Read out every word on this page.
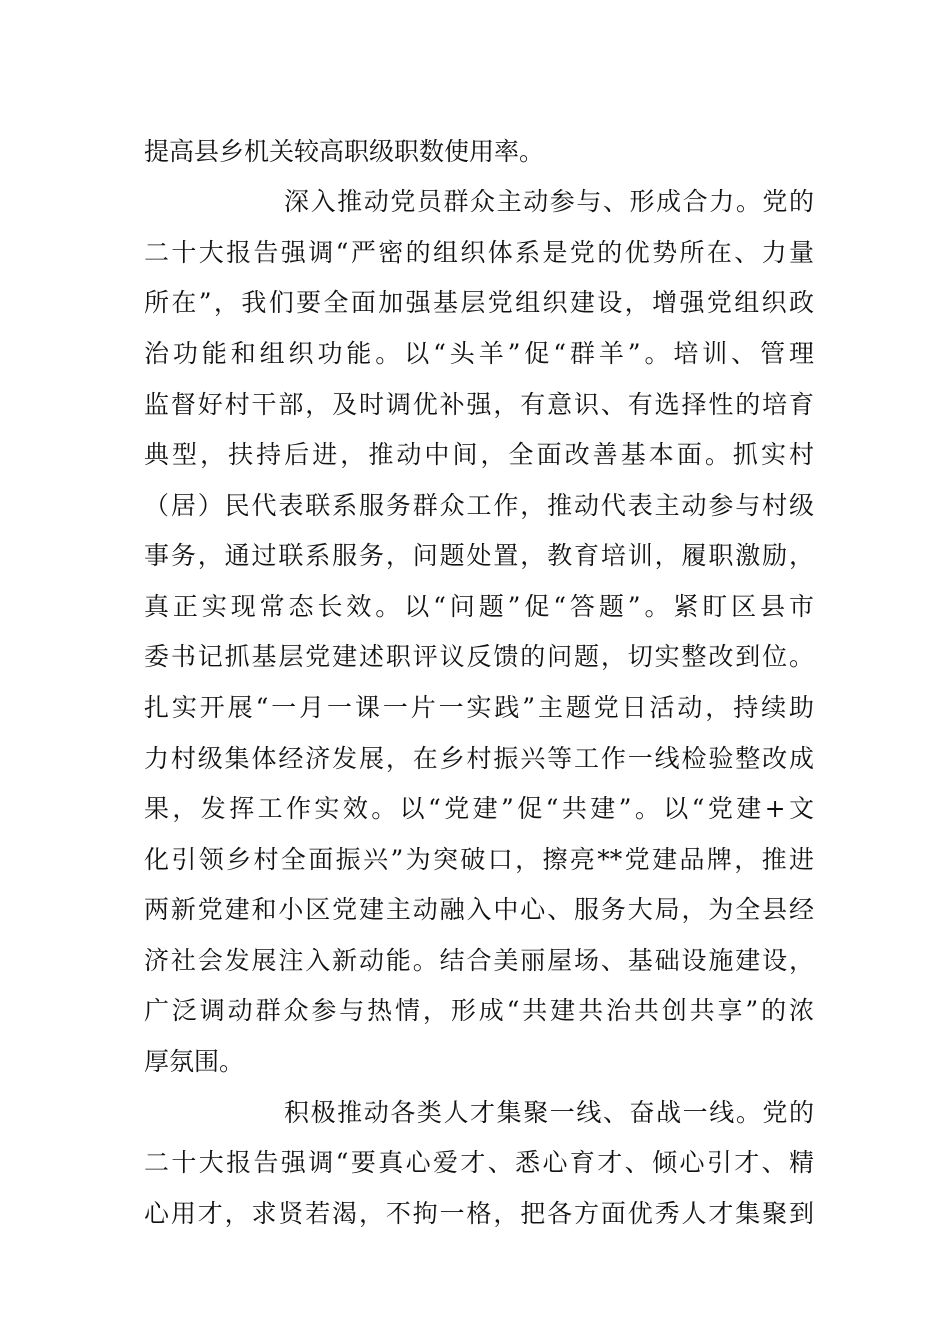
提高县乡机关较高职级职数使用率。
深入推动党员群众主动参与、形成合力。党的
二十大报告强调“严密的组织体系是党的优势所在、力量
所在”，我们要全面加强基层党组织建设，增强党组织政
治功能和组织功能。以“头羊”促“群羊”。培训、管理
监督好村干部，及时调优补强，有意识、有选择性的培育
典型，扶持后进，推动中间，全面改善基本面。抓实村
（居）民代表联系服务群众工作，推动代表主动参与村级
事务，通过联系服务，问题处置，教育培训，履职激励，
真正实现常态长效。以“问题”促“答题”。紧盯区县市
委书记抓基层党建述职评议反馈的问题，切实整改到位。
扎实开展“一月一课一片一实践”主题党日活动，持续助
力村级集体经济发展，在乡村振兴等工作一线检验整改成
果，发挥工作实效。以“党建”促“共建”。以“党建+文
化引领乡村全面振兴”为突破口，擦亮**党建品牌，推进
两新党建和小区党建主动融入中心、服务大局，为全县经
济社会发展注入新动能。结合美丽屋场、基础设施建设，
广泛调动群众参与热情，形成“共建共治共创共享”的浓
厚氛围。
积极推动各类人才集聚一线、奋战一线。党的
二十大报告强调“要真心爱才、悉心育才、倾心引才、精
心用才，求贤若渴，不拘一格，把各方面优秀人才集聚到
